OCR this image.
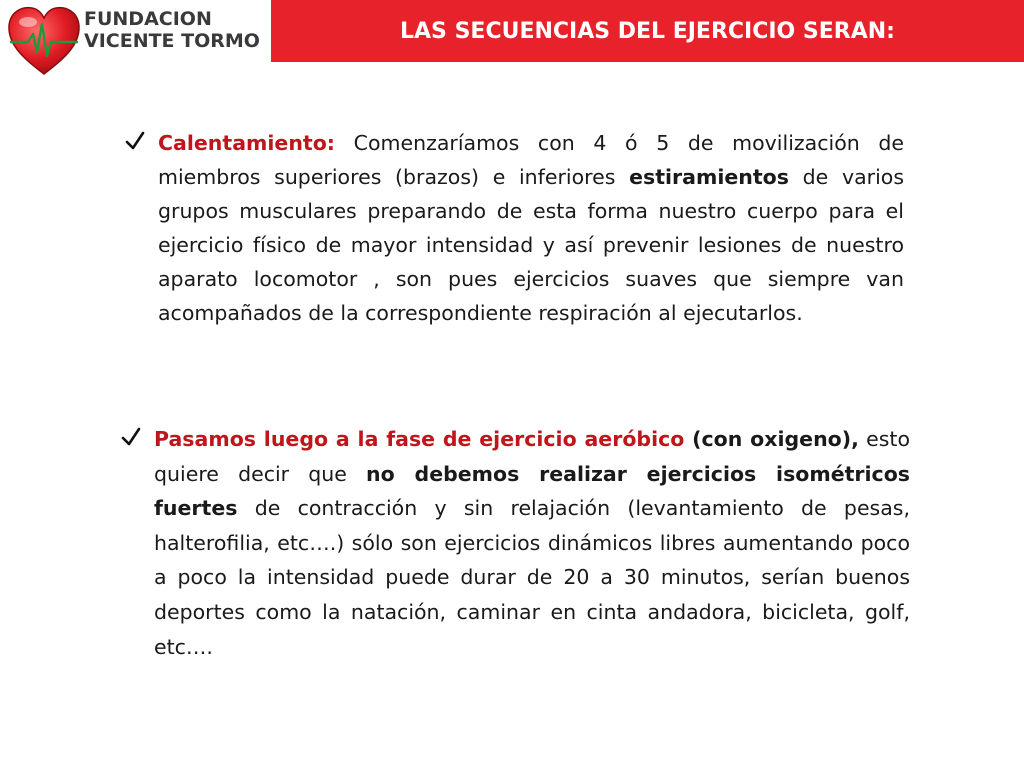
FUNDACION
VICENTE TORMO	LAS SECUENCIAS DEL EJERCICIO SERAN:
Calentamiento: Comenzaríamos con 4 ó 5 de movilización de miembros superiores (brazos) e inferiores estiramientos de varios grupos musculares preparando de esta forma nuestro cuerpo para el ejercicio físico de mayor intensidad y así prevenir lesiones de nuestro aparato locomotor , son pues ejercicios suaves que siempre van acompañados de la correspondiente respiración al ejecutarlos.
Pasamos luego a la fase de ejercicio aeróbico (con oxigeno), esto quiere decir que no debemos realizar ejercicios isométricos fuertes de contracción y sin relajación (levantamiento de pesas, halterofilia, etc….) sólo son ejercicios dinámicos libres aumentando poco a poco la intensidad puede durar de 20 a 30 minutos, serían buenos deportes como la natación, caminar en cinta andadora, bicicleta, golf, etc….
